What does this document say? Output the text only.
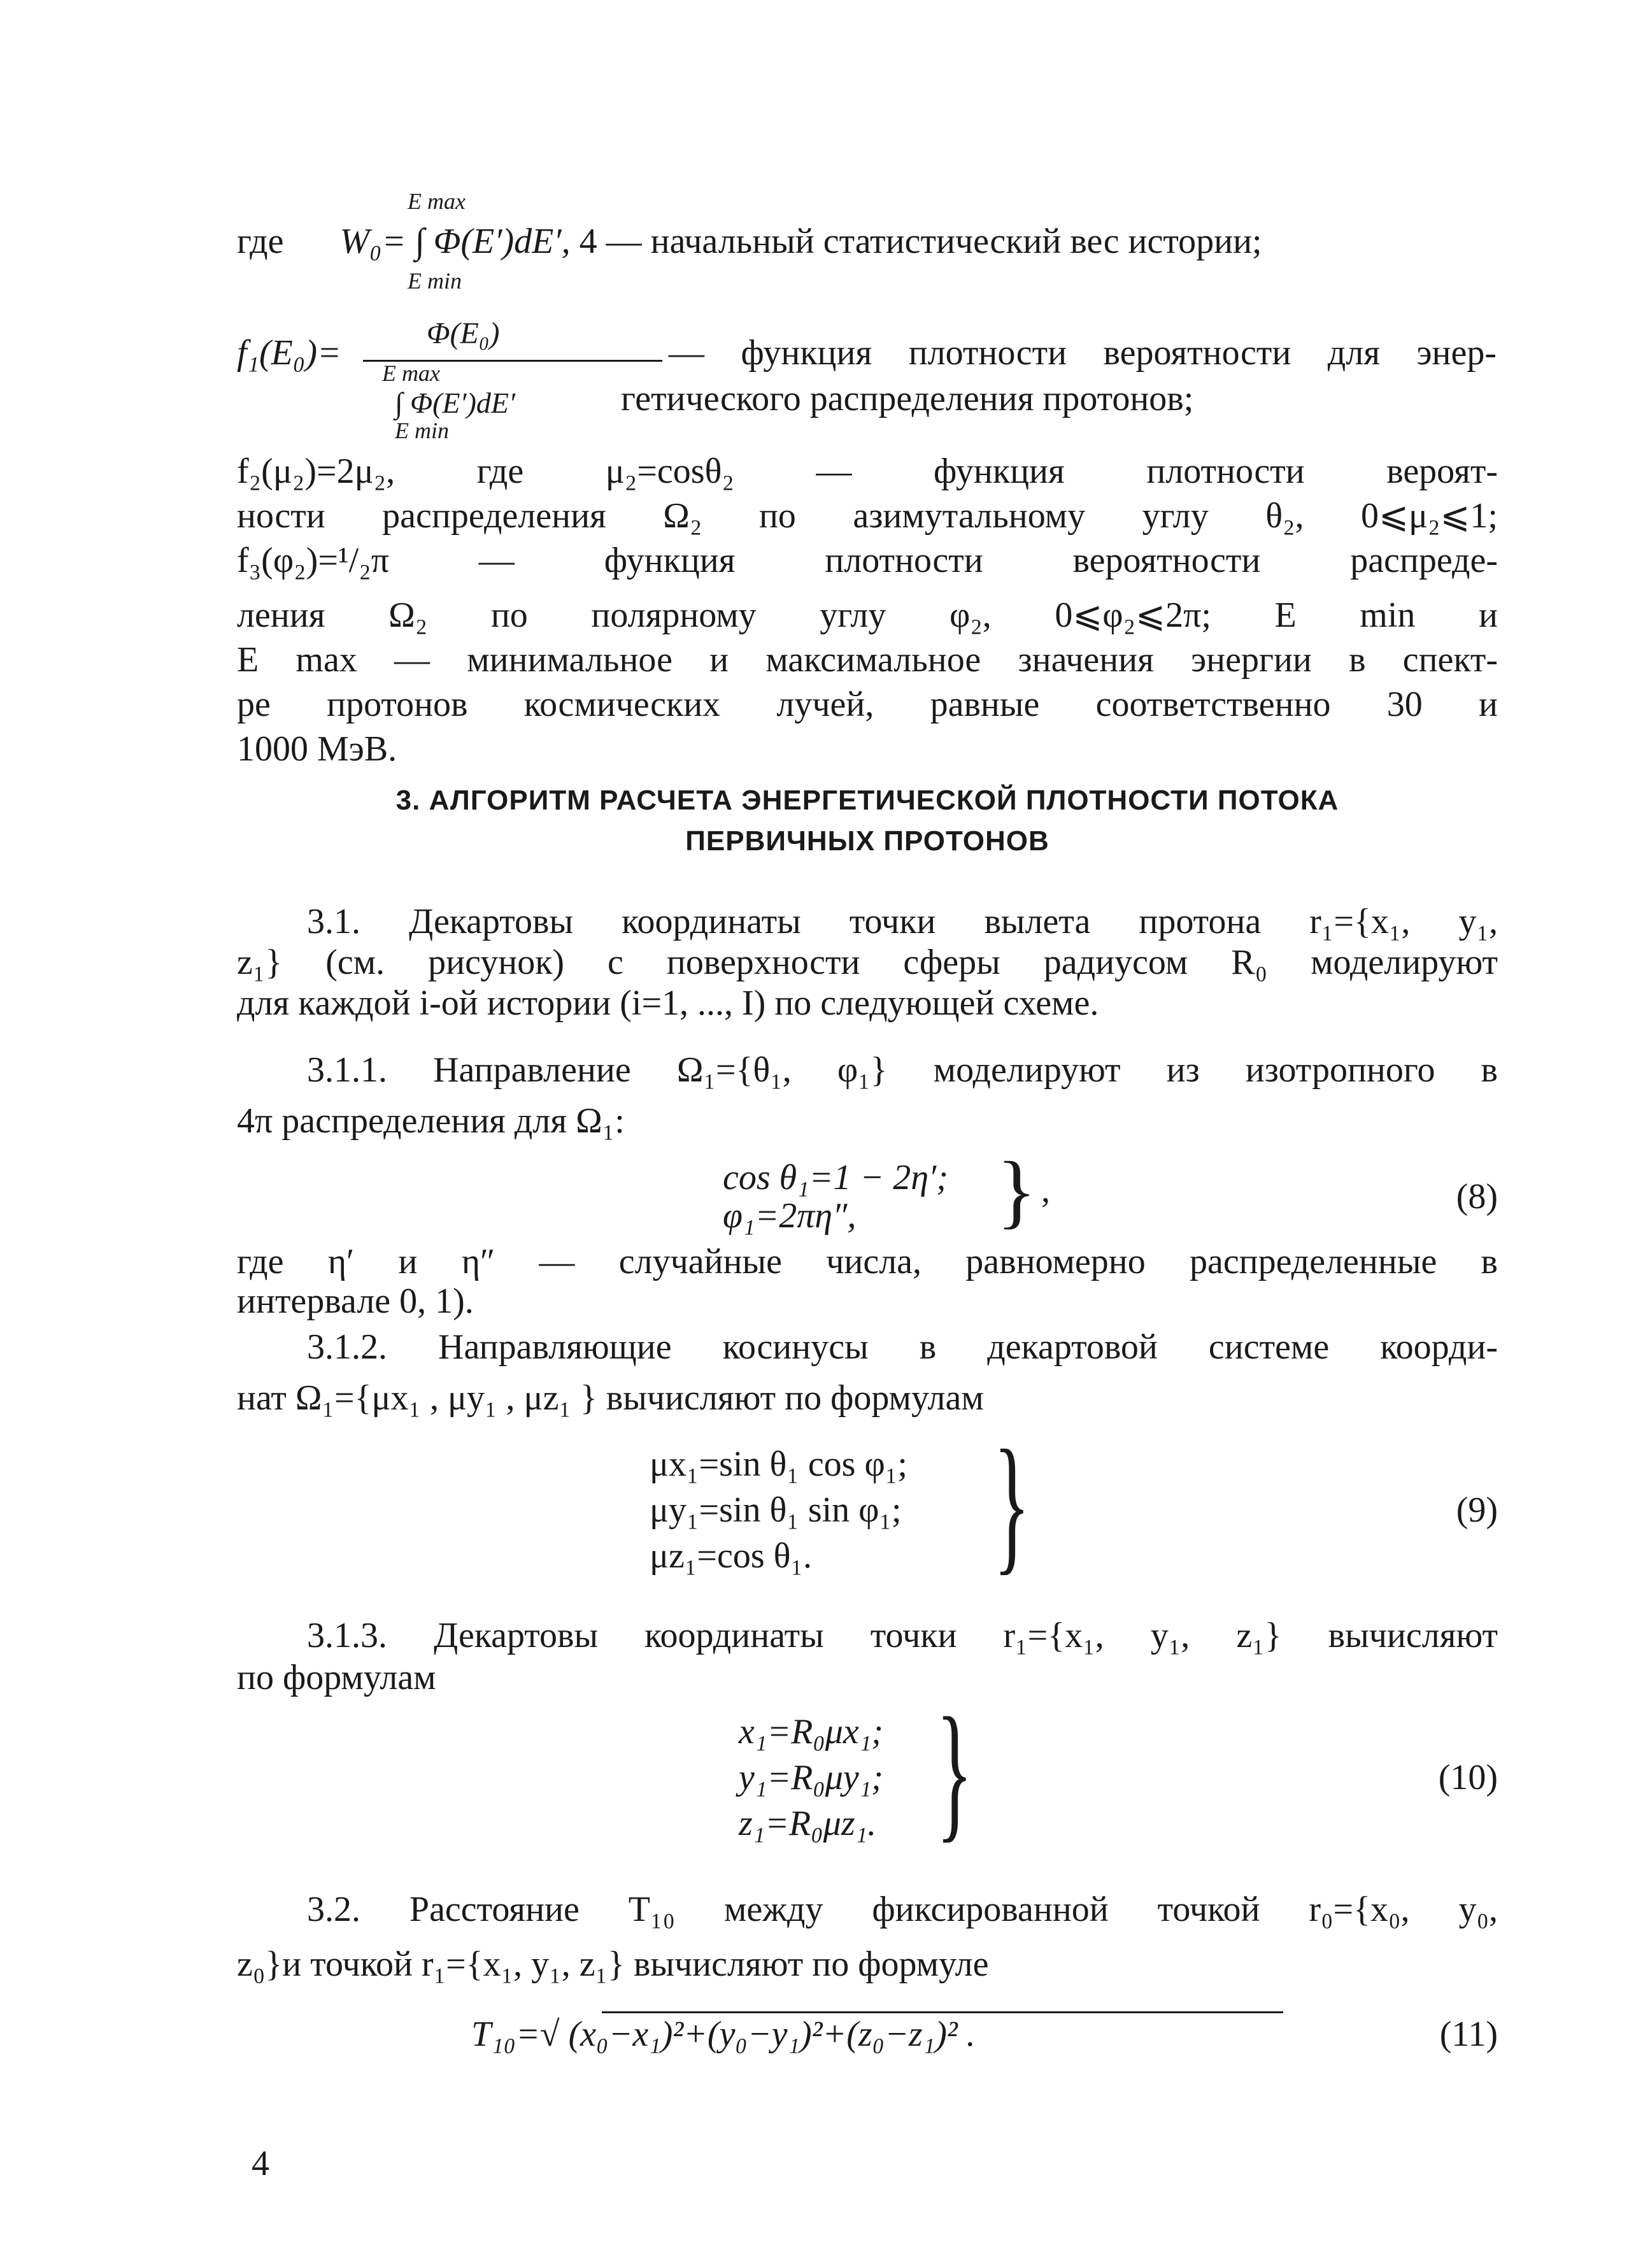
E max
где W₀= ∫ Φ(E′)dE′, 4 — начальный статистический вес истории;
E min
Φ(E₀)
f₁(E₀)=	— функция плотности вероятности для энер-
E max
∫ Φ(E′)dE′	гетического распределения протонов;
E min

f₂(μ₂)=2μ₂, где μ₂=cosθ₂ — функция плотности вероят-

ности распределения Ω₂ по азимутальному углу θ₂, 0⩽μ₂⩽1;

f₃(φ₂)=¹/₂π — функция плотности вероятности распреде-

ления Ω₂ по полярному углу φ₂, 0⩽φ₂⩽2π; E min и

E max — минимальное и максимальное значения энергии в спект-

ре протонов космических лучей, равные соответственно 30 и

1000 МэВ.

3. АЛГОРИТМ РАСЧЕТА ЭНЕРГЕТИЧЕСКОЙ ПЛОТНОСТИ ПОТОКА
ПЕРВИЧНЫХ ПРОТОНОВ

3.1. Декартовы координаты точки вылета протона r₁={x₁, y₁,

z₁} (см. рисунок) с поверхности сферы радиусом R₀ моделируют

для каждой i-ой истории (i=1, ..., I) по следующей схеме.

3.1.1. Направление Ω₁={θ₁, φ₁} моделируют из изотропного в

4π распределения для Ω₁:

cos θ₁=1 − 2η′;
φ₁=2πη″, } ,	(8)

где η′ и η″ — случайные числа, равномерно распределенные в

интервале 0, 1).

3.1.2. Направляющие косинусы в декартовой системе коорди-

нат Ω₁={μx₁ , μy₁ , μz₁ } вычисляют по формулам

μx₁=sin θ₁ cos φ₁;
μy₁=sin θ₁ sin φ₁;
μz₁=cos θ₁. }	(9)

3.1.3. Декартовы координаты точки r₁={x₁, y₁, z₁} вычисляют

по формулам

x₁=R₀μx₁;
y₁=R₀μy₁;
z₁=R₀μz₁. }	(10)

3.2. Расстояние T₁₀ между фиксированной точкой r₀={x₀, y₀,

z₀}и точкой r₁={x₁, y₁, z₁} вычисляют по формуле

T₁₀=√ (x₀−x₁)²+(y₀−y₁)²+(z₀−z₁)² .	(11)
4
